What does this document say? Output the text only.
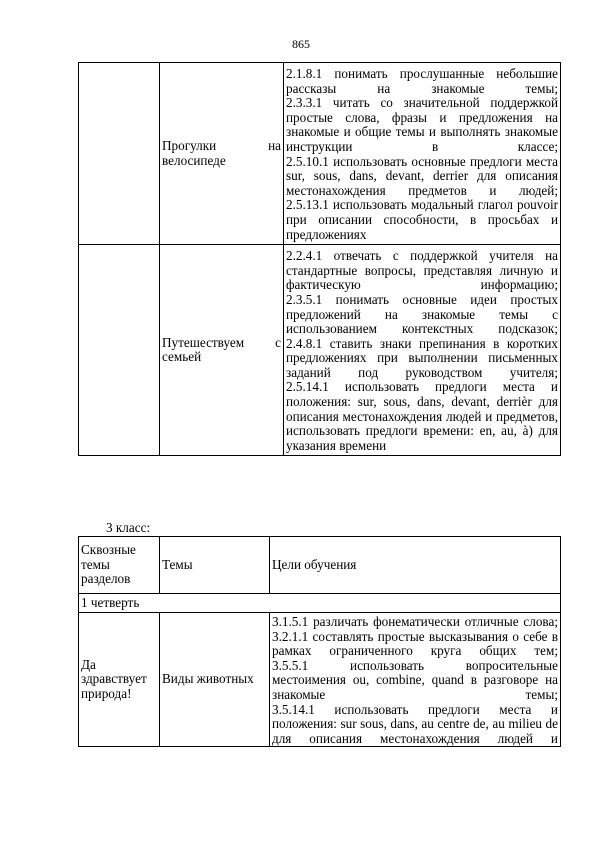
865
	Прогулки на велосипеде	2.1.8.1 понимать прослушанные небольшие рассказы на знакомые темы;

2.3.3.1 читать со значительной поддержкой простые слова, фразы и предложения на знакомые и общие темы и выполнять знакомые инструкции в классе;

2.5.10.1 использовать основные предлоги места sur, sous, dans, devant, derrier для описания местонахождения предметов и людей;

2.5.13.1 использовать модальный глагол pouvoir при описании способности, в просьбах и предложениях

	Путешествуем с семьей	2.2.4.1 отвечать с поддержкой учителя на стандартные вопросы, представляя личную и фактическую информацию;

2.3.5.1 понимать основные идеи простых предложений на знакомые темы с использованием контекстных подсказок;

2.4.8.1 ставить знаки препинания в коротких предложениях при выполнении письменных заданий под руководством учителя;

2.5.14.1 использовать предлоги места и положения: sur, sous, dans, devant, derrièr для описания местонахождения людей и предметов, использовать предлоги времени: en, au, à) для указания времени

3 класс:
Сквозные темы разделов	Темы	Цели обучения
1 четверть		
Да здравствует природа!	Виды животных	3.1.5.1 различать фонематически отличные слова;

3.2.1.1 составлять простые высказывания о себе в рамках ограниченного круга общих тем;

3.5.5.1 использовать вопросительные местоимения ou, combine, quand в разговоре на знакомые темы;

3.5.14.1 использовать предлоги места и положения: sur sous, dans, au centre de, au milieu de для описания местонахождения людей и
